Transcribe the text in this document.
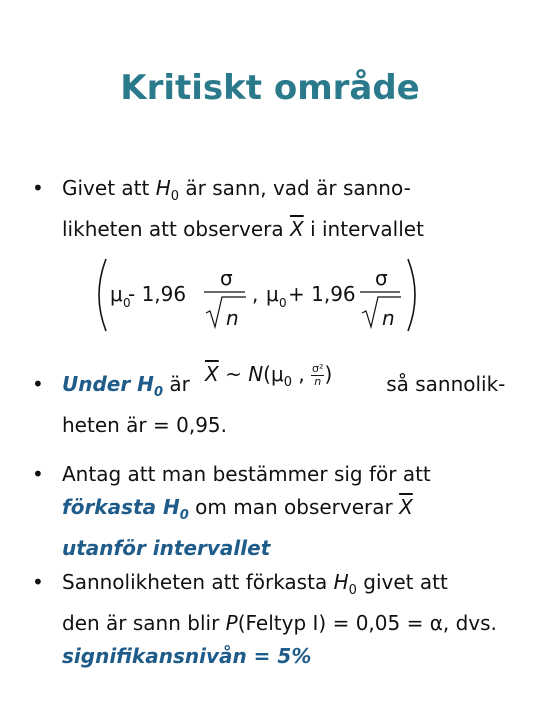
Kritiskt område
• Givet att $H_0$ är sann, vad är sanno-
likheten att observera $\overline{X}$ i intervallet
μ 0
- 1,96
σ
n
, μ 0 + 1,96
σ
n
• Under $H_0$ är	så sannolik-
heten är = 0,95.
$\overline{X}$ ~ $N(\mu_0$ , $\frac{\text{σ²}}{n}$ )
• Antag att man bestämmer sig för att
förkasta $H_0$ om man observerar $\overline{X}$
utanför intervallet
• Sannolikheten att förkasta $H_0$ givet att
den är sann blir P(Feltyp I) = 0,05 = α, dvs.
signifikansnivån = 5%
